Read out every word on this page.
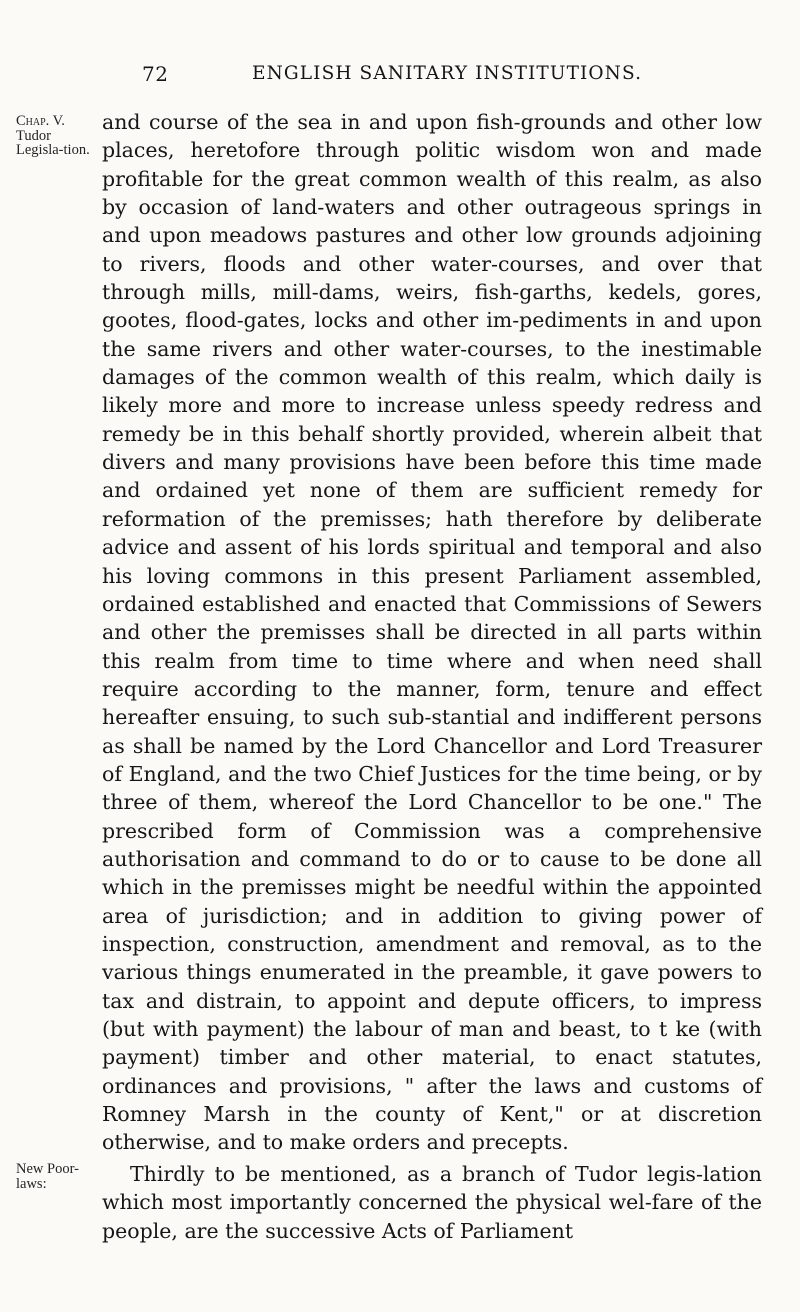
72	ENGLISH SANITARY INSTITUTIONS.
Chap. V.
Tudor Legisla-tion.

and course of the sea in and upon fish-grounds and other low places, heretofore through politic wisdom won and made profitable for the great common wealth of this realm, as also by occasion of land-waters and other outrageous springs in and upon meadows pastures and other low grounds adjoining to rivers, floods and other water-courses, and over that through mills, mill-dams, weirs, fish-garths, kedels, gores, gootes, flood-gates, locks and other im-pediments in and upon the same rivers and other water-courses, to the inestimable damages of the common wealth of this realm, which daily is likely more and more to increase unless speedy redress and remedy be in this behalf shortly provided, wherein albeit that divers and many provisions have been before this time made and ordained yet none of them are sufficient remedy for reformation of the premisses; hath therefore by deliberate advice and assent of his lords spiritual and temporal and also his loving commons in this present Parliament assembled, ordained established and enacted that Commissions of Sewers and other the premisses shall be directed in all parts within this realm from time to time where and when need shall require according to the manner, form, tenure and effect hereafter ensuing, to such sub-stantial and indifferent persons as shall be named by the Lord Chancellor and Lord Treasurer of England, and the two Chief Justices for the time being, or by three of them, whereof the Lord Chancellor to be one." The prescribed form of Commission was a comprehensive authorisation and command to do or to cause to be done all which in the premisses might be needful within the appointed area of jurisdiction; and in addition to giving power of inspection, construction, amendment and removal, as to the various things enumerated in the preamble, it gave powers to tax and distrain, to appoint and depute officers, to impress (but with payment) the labour of man and beast, to t ke (with payment) timber and other material, to enact statutes, ordinances and provisions, " after the laws and customs of Romney Marsh in the county of Kent," or at discretion otherwise, and to make orders and precepts.

New Poor-laws:	Thirdly to be mentioned, as a branch of Tudor legis-lation which most importantly concerned the physical wel-fare of the people, are the successive Acts of Parliament
